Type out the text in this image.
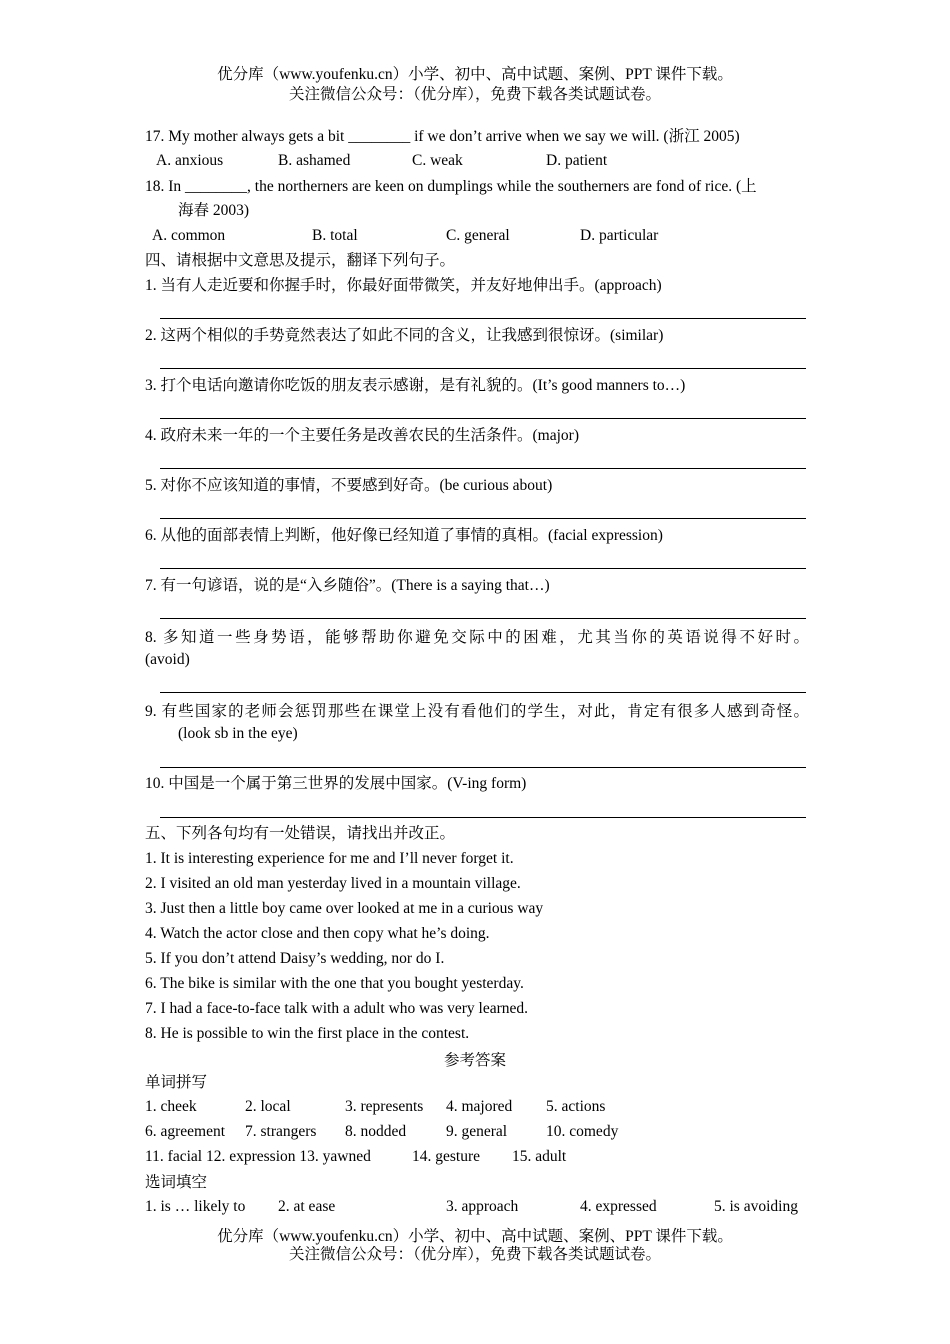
优分库（www.youfenku.cn）小学、初中、高中试题、案例、PPT 课件下载。
关注微信公众号：（优分库），免费下载各类试题试卷。
17. My mother always gets a bit ________ if we don’t arrive when we say we will. (浙江 2005)
A. anxious	B. ashamed	C. weak	D. patient
18. In ________, the northerners are keen on dumplings while the southerners are fond of rice. (上
海春 2003)
A. common	B. total	C. general	D. particular
四、请根据中文意思及提示，翻译下列句子。
1. 当有人走近要和你握手时，你最好面带微笑，并友好地伸出手。(approach)
2. 这两个相似的手势竟然表达了如此不同的含义，让我感到很惊讶。(similar)
3. 打个电话向邀请你吃饭的朋友表示感谢，是有礼貌的。(It’s good manners to…)
4. 政府未来一年的一个主要任务是改善农民的生活条件。(major)
5. 对你不应该知道的事情，不要感到好奇。(be curious about)
6. 从他的面部表情上判断，他好像已经知道了事情的真相。(facial expression)
7. 有一句谚语，说的是“入乡随俗”。(There is a saying that…)
8. 多知道一些身势语，能够帮助你避免交际中的困难，尤其当你的英语说得不好时。
(avoid)
9. 有些国家的老师会惩罚那些在课堂上没有看他们的学生，对此，肯定有很多人感到奇怪。
(look sb in the eye)
10. 中国是一个属于第三世界的发展中国家。(V-ing form)
五、下列各句均有一处错误，请找出并改正。
1. It is interesting experience for me and I’ll never forget it.
2. I visited an old man yesterday lived in a mountain village.
3. Just then a little boy came over looked at me in a curious way
4. Watch the actor close and then copy what he’s doing.
5. If you don’t attend Daisy’s wedding, nor do I.
6. The bike is similar with the one that you bought yesterday.
7. I had a face-to-face talk with a adult who was very learned.
8. He is possible to win the first place in the contest.
参考答案
单词拼写
1. cheek	2. local	3. represents 4. majored 5. actions
6. agreement 7. strangers 8. nodded	9. general	10. comedy
11. facial 12. expression 13. yawned	14. gesture 15. adult
选词填空
1. is … likely to 2. at ease	3. approach	4. expressed	5. is avoiding
优分库（www.youfenku.cn）小学、初中、高中试题、案例、PPT 课件下载。
关注微信公众号：（优分库），免费下载各类试题试卷。
